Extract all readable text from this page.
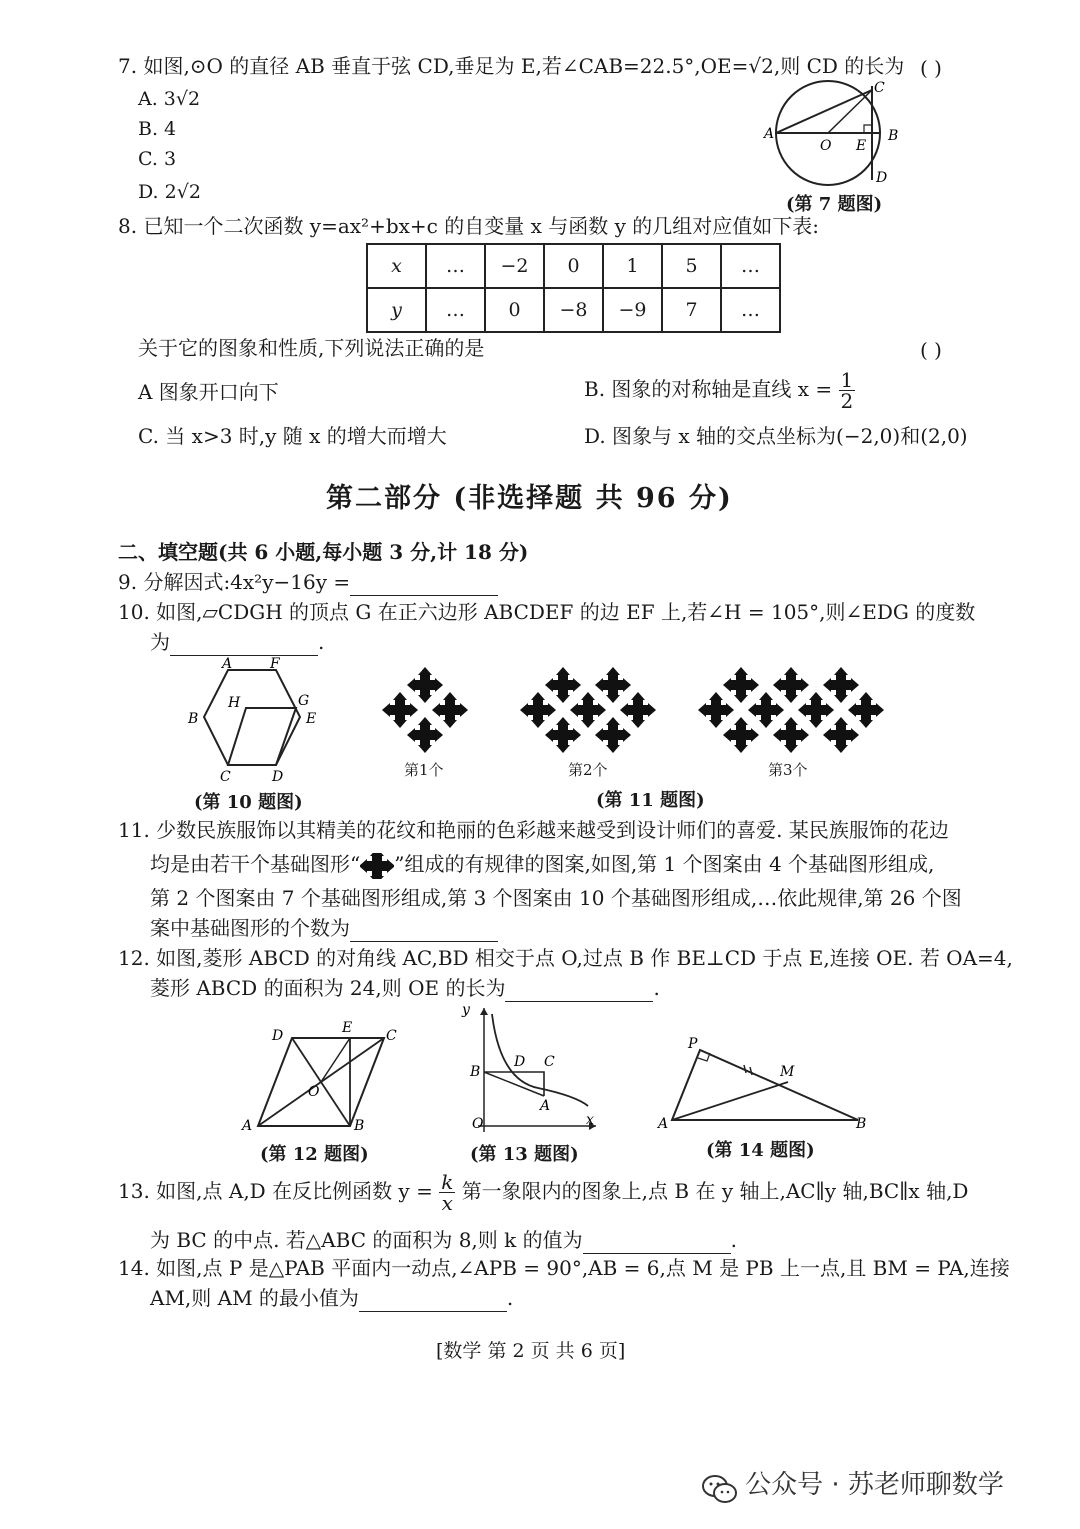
7. 如图,⊙O 的直径 AB 垂直于弦 CD,垂足为 E,若∠CAB=22.5°,OE=√2,则 CD 的长为 ( )
A. 3√2
B. 4
C. 3
D. 2√2
A	B
C
D
O E
(第 7 题图)
8. 已知一个二次函数 y=ax²+bx+c 的自变量 x 与函数 y 的几组对应值如下表:
x	…	−2	0	1	5	…
y	…	0	−8	−9	7	…
关于它的图象和性质,下列说法正确的是	( )
A 图象开口向下	B. 图象的对称轴是直线 $x = \frac{1}{2}$
C. 当 x>3 时,y 随 x 的增大而增大	D. 图象与 x 轴的交点坐标为(−2,0)和(2,0)
第二部分 (非选择题 共 96 分)
二、填空题(共 6 小题,每小题 3 分,计 18 分)
9. 分解因式:4x²y−16y =
10. 如图,▱CDGH 的顶点 G 在正六边形 ABCDEF 的边 EF 上,若∠H = 105°,则∠EDG 的度数
为	.
A	F
B
H	G
E
C	D
(第 10 题图)
第1个	第2个	第3个
(第 11 题图)
11. 少数民族服饰以其精美的花纹和艳丽的色彩越来越受到设计师们的喜爱. 某民族服饰的花边
均是由若干个基础图形“ ”组成的有规律的图案,如图,第 1 个图案由 4 个基础图形组成,
第 2 个图案由 7 个基础图形组成,第 3 个图案由 10 个基础图形组成,…依此规律,第 26 个图
案中基础图形的个数为
12. 如图,菱形 ABCD 的对角线 AC,BD 相交于点 O,过点 B 作 BE⊥CD 于点 E,连接 OE. 若 OA=4,
菱形 ABCD 的面积为 24,则 OE 的长为	.
A	B
C
D	E
O
(第 12 题图)
y
x
O
B
D C
A
(第 13 题图)
P
A	B
M
(第 14 题图)
13. 如图,点 A,D 在反比例函数 $y = \frac{k}{x}$ 第一象限内的图象上,点 B 在 y 轴上,AC∥y 轴,BC∥x 轴,D
为 BC 的中点. 若△ABC 的面积为 8,则 k 的值为	.
14. 如图,点 P 是△PAB 平面内一动点,∠APB = 90°,AB = 6,点 M 是 PB 上一点,且 BM = PA,连接
AM,则 AM 的最小值为	.
[数学 第 2 页 共 6 页]
公众号 · 苏老师聊数学
